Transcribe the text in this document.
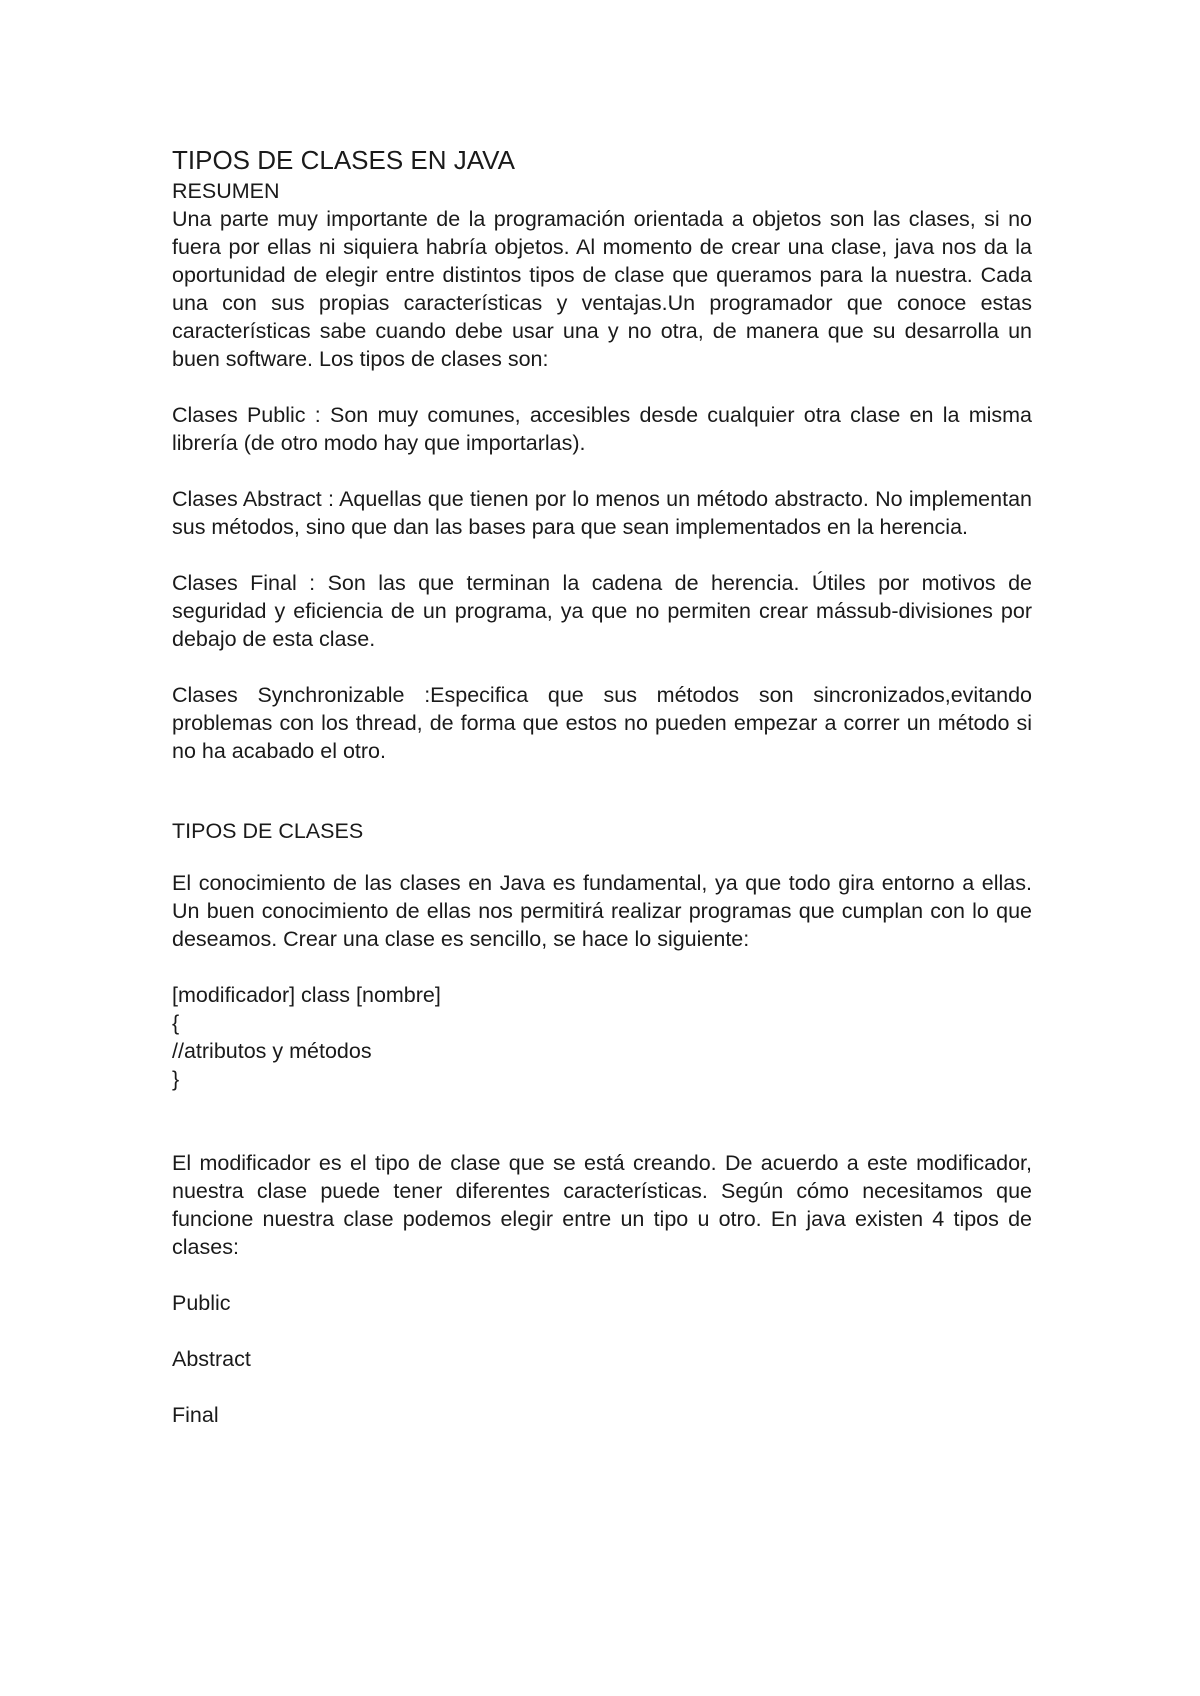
TIPOS DE CLASES EN JAVA

RESUMEN

Una parte muy importante de la programación orientada a objetos son las clases, si no fuera por ellas ni siquiera habría objetos. Al momento de crear una clase, java nos da la oportunidad de elegir entre distintos tipos de clase que queramos para la nuestra. Cada una con sus propias características y ventajas.Un programador que conoce estas características sabe cuando debe usar una y no otra, de manera que su desarrolla un buen software. Los tipos de clases son:

Clases Public : Son muy comunes, accesibles desde cualquier otra clase en la misma librería (de otro modo hay que importarlas).

Clases Abstract : Aquellas que tienen por lo menos un método abstracto. No implementan sus métodos, sino que dan las bases para que sean implementados en la herencia.

Clases Final : Son las que terminan la cadena de herencia. Útiles por motivos de seguridad y eficiencia de un programa, ya que no permiten crear mássub-divisiones por debajo de esta clase.

Clases Synchronizable :Especifica que sus métodos son sincronizados,evitando problemas con los thread, de forma que estos no pueden empezar a correr un método si no ha acabado el otro.

TIPOS DE CLASES

El conocimiento de las clases en Java es fundamental, ya que todo gira entorno a ellas. Un buen conocimiento de ellas nos permitirá realizar programas que cumplan con lo que deseamos. Crear una clase es sencillo, se hace lo siguiente:

[modificador] class [nombre]

{

//atributos y métodos

}

El modificador es el tipo de clase que se está creando. De acuerdo a este modificador, nuestra clase puede tener diferentes características. Según cómo necesitamos que funcione nuestra clase podemos elegir entre un tipo u otro. En java existen 4 tipos de clases:

Public

Abstract

Final
